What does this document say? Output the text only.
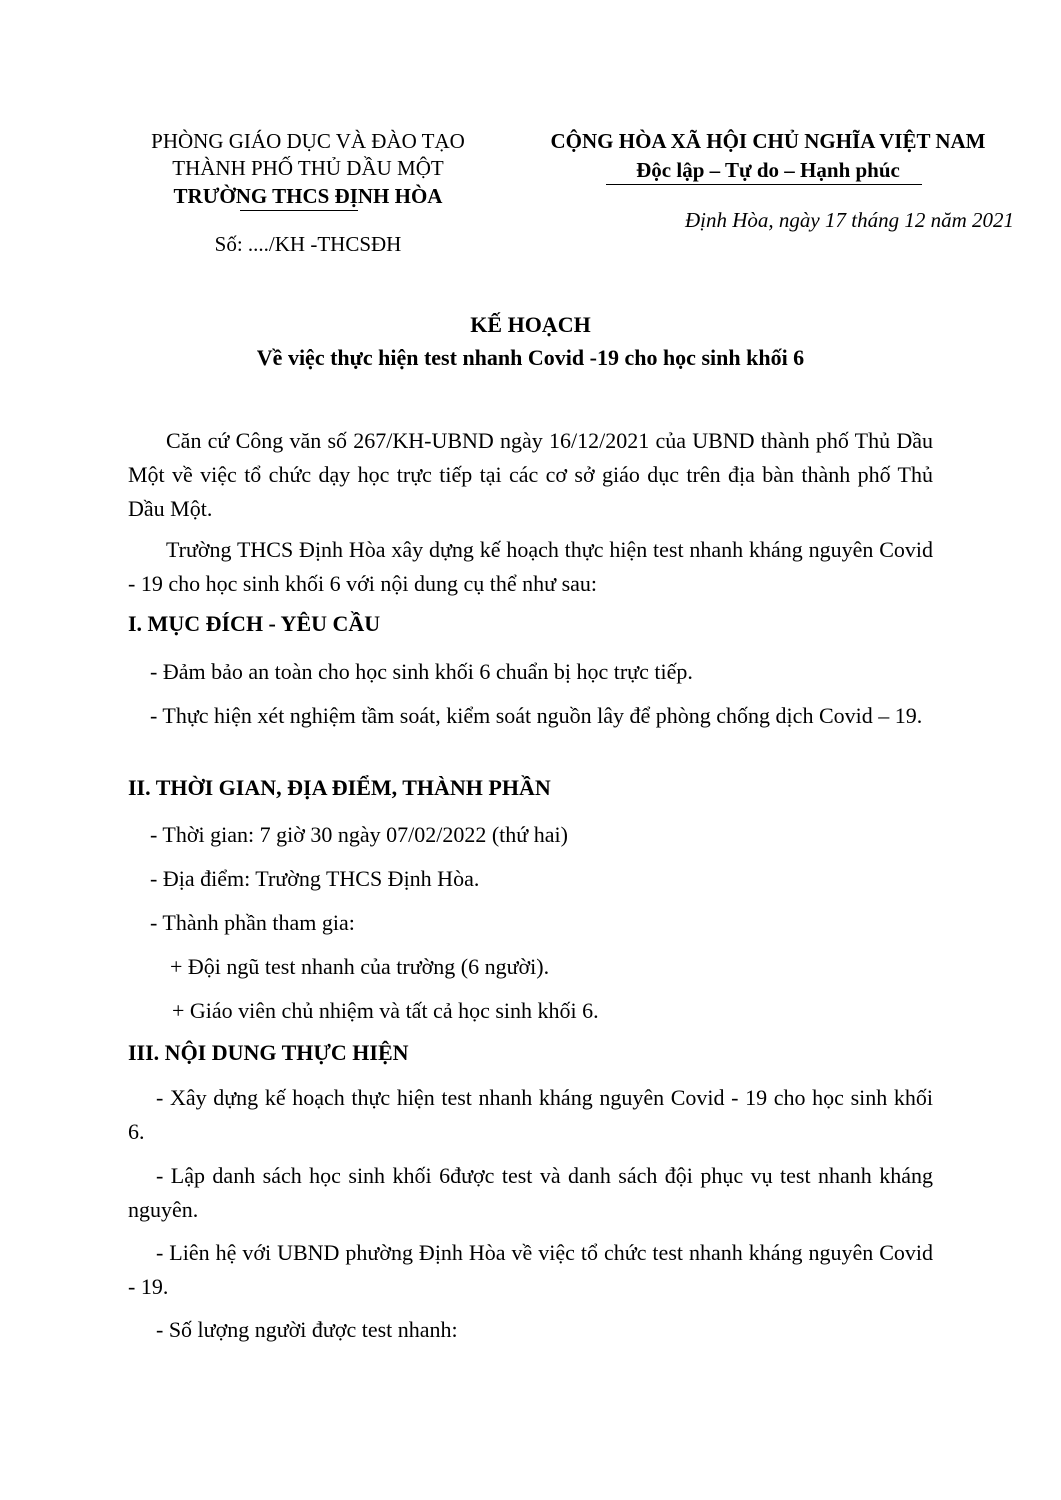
PHÒNG GIÁO DỤC VÀ ĐÀO TẠO
THÀNH PHỐ THỦ DẦU MỘT
TRƯỜNG THCS ĐỊNH HÒA
Số: ..../KH -THCSĐH
CỘNG HÒA XÃ HỘI CHỦ NGHĨA VIỆT NAM
Độc lập – Tự do – Hạnh phúc
Định Hòa, ngày 17 tháng 12 năm 2021
KẾ HOẠCH
Về việc thực hiện test nhanh Covid -19 cho học sinh khối 6
Căn cứ Công văn số 267/KH-UBND ngày 16/12/2021 của UBND thành phố Thủ Dầu Một về việc tổ chức dạy học trực tiếp tại các cơ sở giáo dục trên địa bàn thành phố Thủ Dầu Một.
Trường THCS Định Hòa xây dựng kế hoạch thực hiện test nhanh kháng nguyên Covid - 19 cho học sinh khối 6 với nội dung cụ thể như sau:
I. MỤC ĐÍCH - YÊU CẦU
- Đảm bảo an toàn cho học sinh khối 6 chuẩn bị học trực tiếp.
- Thực hiện xét nghiệm tầm soát, kiểm soát nguồn lây để phòng chống dịch Covid – 19.
II. THỜI GIAN, ĐỊA ĐIỂM, THÀNH PHẦN
- Thời gian: 7 giờ 30 ngày 07/02/2022 (thứ hai)
- Địa điểm: Trường THCS Định Hòa.
- Thành phần tham gia:
+ Đội ngũ test nhanh của trường (6 người).
+ Giáo viên chủ nhiệm và tất cả học sinh khối 6.
III. NỘI DUNG THỰC HIỆN
- Xây dựng kế hoạch thực hiện test nhanh kháng nguyên Covid - 19 cho học sinh khối 6.
- Lập danh sách học sinh khối 6được test và danh sách đội phục vụ test nhanh kháng nguyên.
- Liên hệ với UBND phường Định Hòa về việc tổ chức test nhanh kháng nguyên Covid - 19.
- Số lượng người được test nhanh:
